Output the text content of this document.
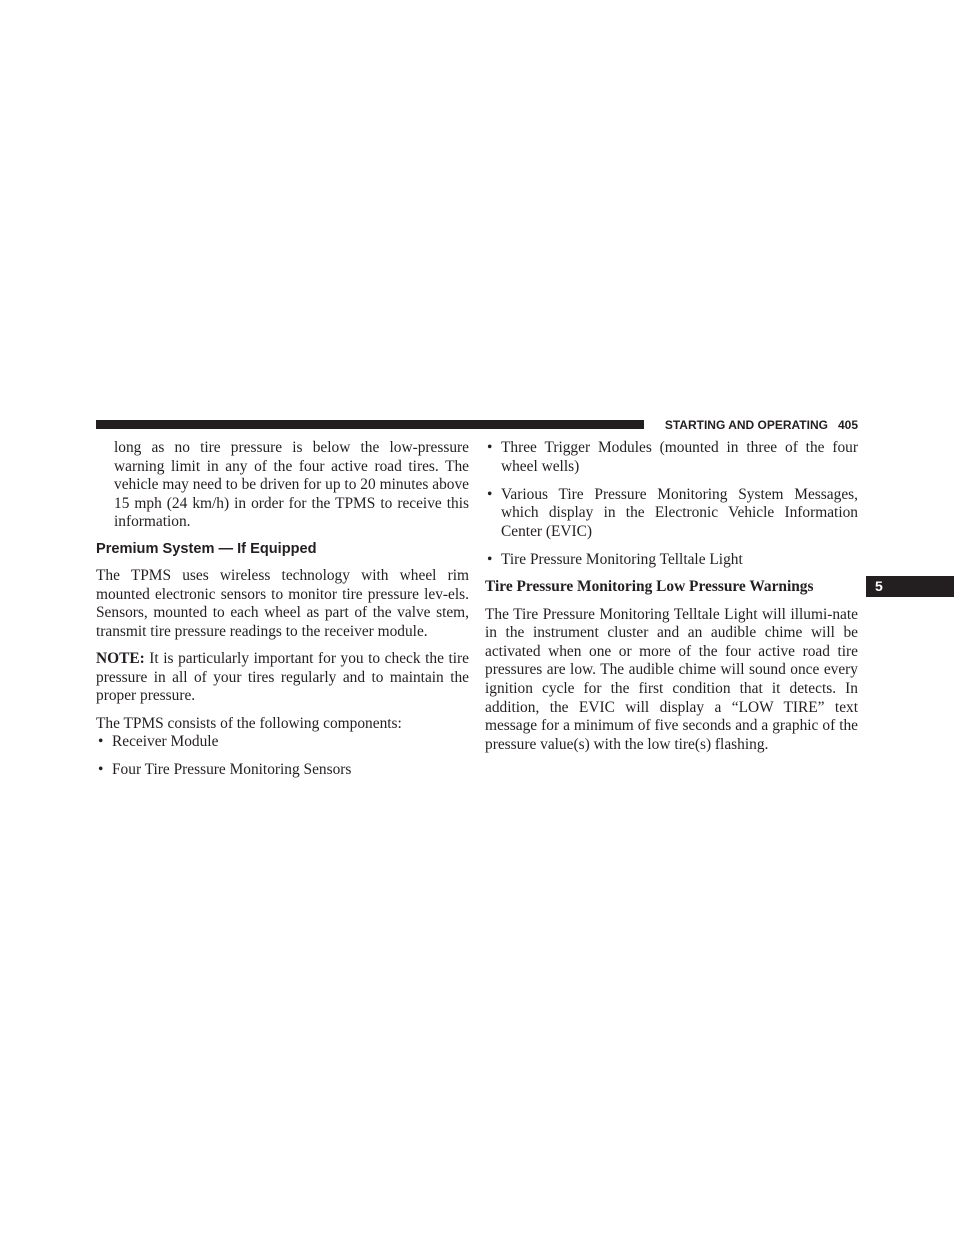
STARTING AND OPERATING 405
5

long as no tire pressure is below the low-pressure warning limit in any of the four active road tires. The vehicle may need to be driven for up to 20 minutes above 15 mph (24 km/h) in order for the TPMS to receive this information.

Premium System — If Equipped

The TPMS uses wireless technology with wheel rim mounted electronic sensors to monitor tire pressure lev-els. Sensors, mounted to each wheel as part of the valve stem, transmit tire pressure readings to the receiver module.

NOTE: It is particularly important for you to check the tire pressure in all of your tires regularly and to maintain the proper pressure.

The TPMS consists of the following components:

• Receiver Module
• Four Tire Pressure Monitoring Sensors
• Three Trigger Modules (mounted in three of the four wheel wells)
• Various Tire Pressure Monitoring System Messages, which display in the Electronic Vehicle Information Center (EVIC)
• Tire Pressure Monitoring Telltale Light
Tire Pressure Monitoring Low Pressure Warnings

The Tire Pressure Monitoring Telltale Light will illumi-nate in the instrument cluster and an audible chime will be activated when one or more of the four active road tire pressures are low. The audible chime will sound once every ignition cycle for the first condition that it detects. In addition, the EVIC will display a “LOW TIRE” text message for a minimum of five seconds and a graphic of the pressure value(s) with the low tire(s) flashing.
